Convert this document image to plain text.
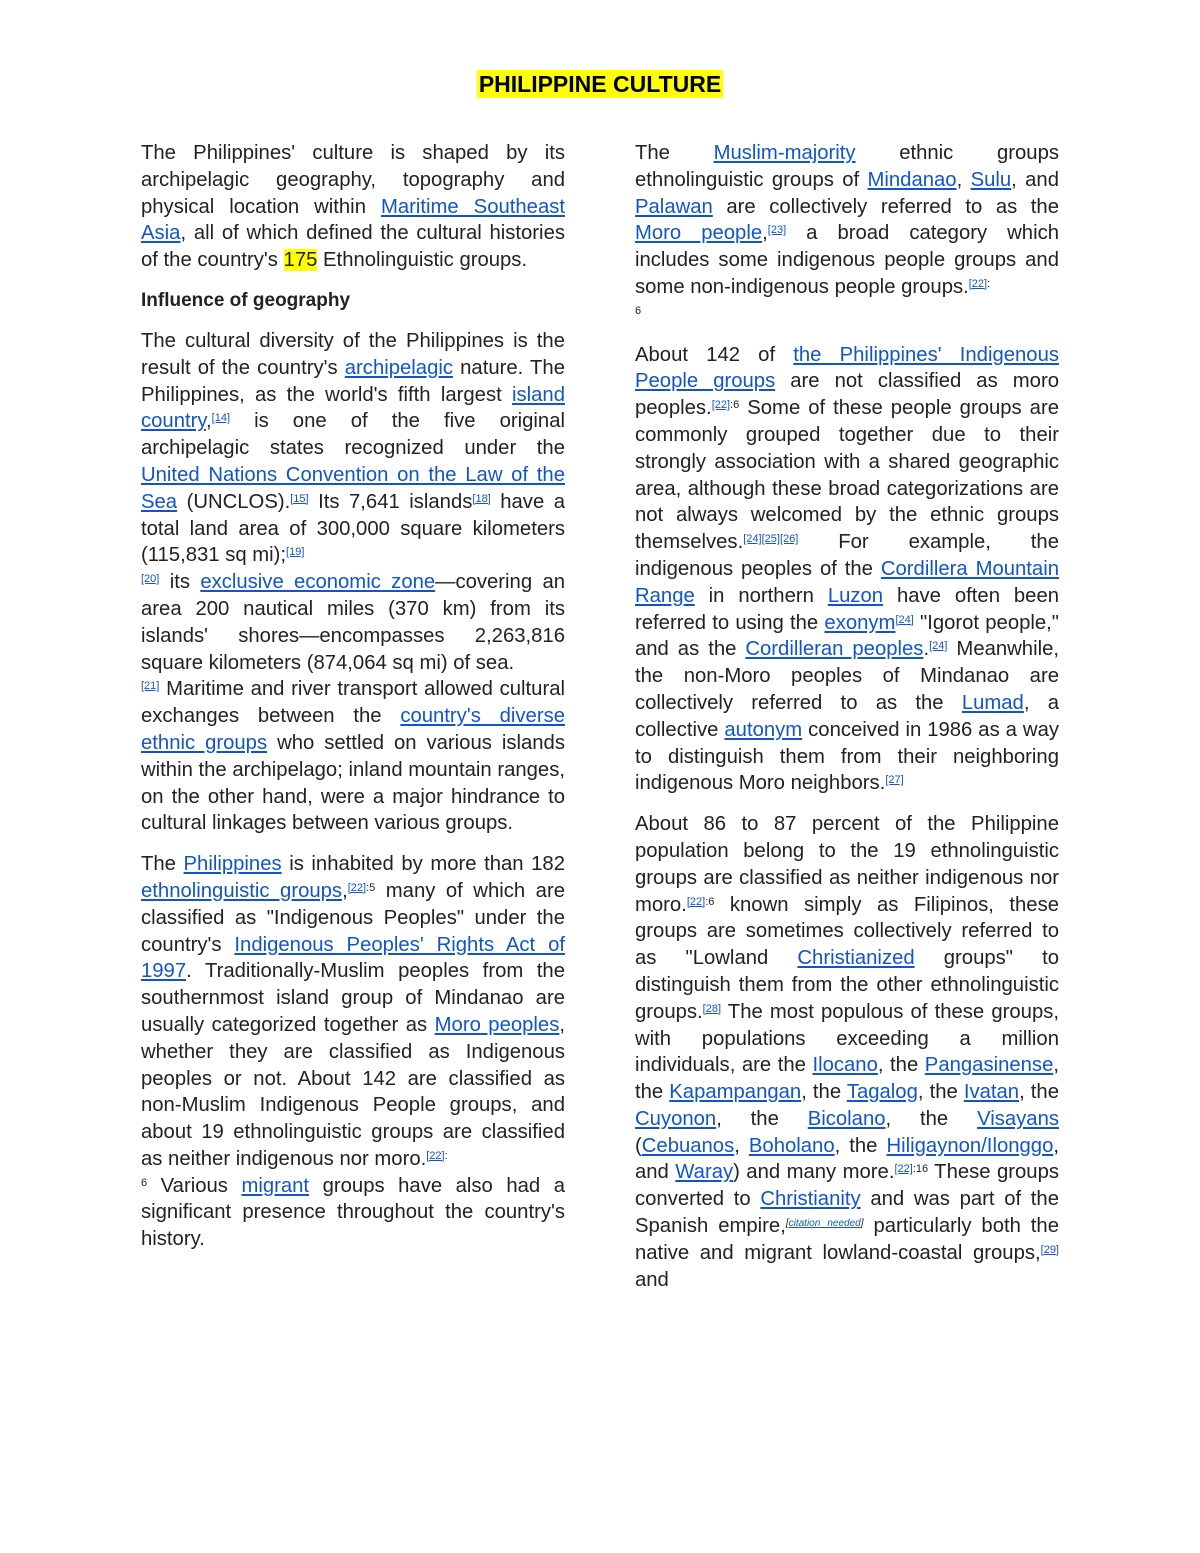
PHILIPPINE CULTURE

The Philippines' culture is shaped by its archipelagic geography, topography and physical location within Maritime Southeast Asia, all of which defined the cultural histories of the country's 175 Ethnolinguistic groups.

Influence of geography

The cultural diversity of the Philippines is the result of the country's archipelagic nature. The Philippines, as the world's fifth largest island country,[14] is one of the five original archipelagic states recognized under the United Nations Convention on the Law of the Sea (UNCLOS).[15] Its 7,641 islands[18] have a total land area of 300,000 square kilometers (115,831 sq mi);[19]
[20] its exclusive economic zone—covering an area 200 nautical miles (370 km) from its islands' shores—encompasses 2,263,816 square kilometers (874,064 sq mi) of sea.
[21] Maritime and river transport allowed cultural exchanges between the country's diverse ethnic groups who settled on various islands within the archipelago; inland mountain ranges, on the other hand, were a major hindrance to cultural linkages between various groups.

The Philippines is inhabited by more than 182 ethnolinguistic groups,$^{[22]:5}$ many of which are classified as "Indigenous Peoples" under the country's Indigenous Peoples' Rights Act of 1997. Traditionally-Muslim peoples from the southernmost island group of Mindanao are usually categorized together as Moro peoples, whether they are classified as Indigenous peoples or not. About 142 are classified as non-Muslim Indigenous People groups, and about 19 ethnolinguistic groups are classified as neither indigenous nor moro.$^{[22]:}$
$^6$ Various migrant groups have also had a significant presence throughout the country's history.

The Muslim-majority ethnic groups ethnolinguistic groups of Mindanao, Sulu, and Palawan are collectively referred to as the Moro people,[23] a broad category which includes some indigenous people groups and some non-indigenous people groups.$^{[22]:}$
$^6$

About 142 of the Philippines' Indigenous People groups are not classified as moro peoples.$^{[22]:6}$ Some of these people groups are commonly grouped together due to their strongly association with a shared geographic area, although these broad categorizations are not always welcomed by the ethnic groups themselves.[24][25][26] For example, the indigenous peoples of the Cordillera Mountain Range in northern Luzon have often been referred to using the exonym[24] "Igorot people," and as the Cordilleran peoples.[24] Meanwhile, the non-Moro peoples of Mindanao are collectively referred to as the Lumad, a collective autonym conceived in 1986 as a way to distinguish them from their neighboring indigenous Moro neighbors.[27]

About 86 to 87 percent of the Philippine population belong to the 19 ethnolinguistic groups are classified as neither indigenous nor moro.$^{[22]:6}$ known simply as Filipinos, these groups are sometimes collectively referred to as "Lowland Christianized groups" to distinguish them from the other ethnolinguistic groups.[28] The most populous of these groups, with populations exceeding a million individuals, are the Ilocano, the Pangasinense, the Kapampangan, the Tagalog, the Ivatan, the Cuyonon, the Bicolano, the Visayans (Cebuanos, Boholano, the Hiligaynon/Ilonggo, and Waray) and many more.$^{[22]:16}$ These groups converted to Christianity and was part of the Spanish empire,[citation needed] particularly both the native and migrant lowland-coastal groups,[29] and
